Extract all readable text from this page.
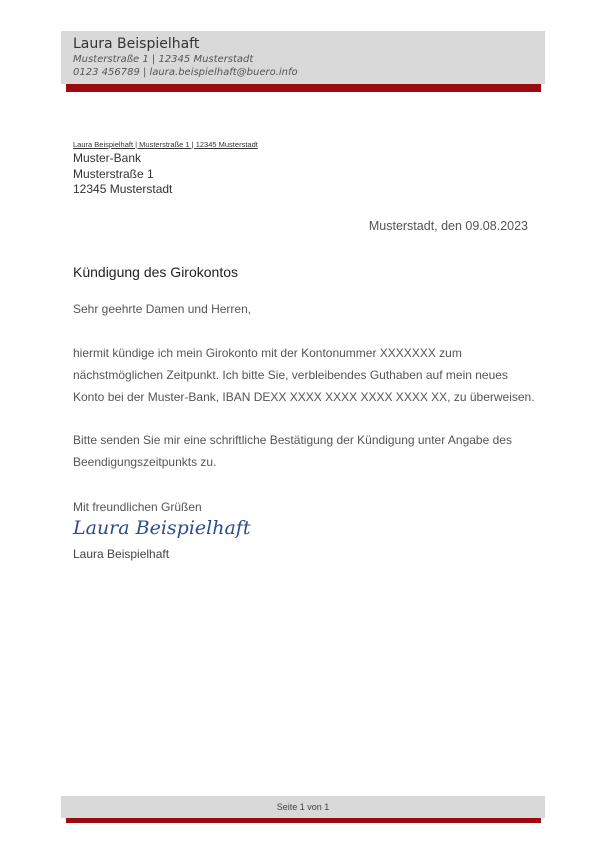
Laura Beispielhaft
Musterstraße 1 | 12345 Musterstadt
0123 456789 | laura.beispielhaft@buero.info
Laura Beispielhaft | Musterstraße 1 | 12345 Musterstadt
Muster-Bank
Musterstraße 1
12345 Musterstadt
Musterstadt, den 09.08.2023
Kündigung des Girokontos
Sehr geehrte Damen und Herren,
hiermit kündige ich mein Girokonto mit der Kontonummer XXXXXXX zum
nächstmöglichen Zeitpunkt. Ich bitte Sie, verbleibendes Guthaben auf mein neues
Konto bei der Muster-Bank, IBAN DEXX XXXX XXXX XXXX XXXX XX, zu überweisen.
Bitte senden Sie mir eine schriftliche Bestätigung der Kündigung unter Angabe des
Beendigungszeitpunkts zu.
Mit freundlichen Grüßen
Laura Beispielhaft
Laura Beispielhaft
Seite 1 von 1
